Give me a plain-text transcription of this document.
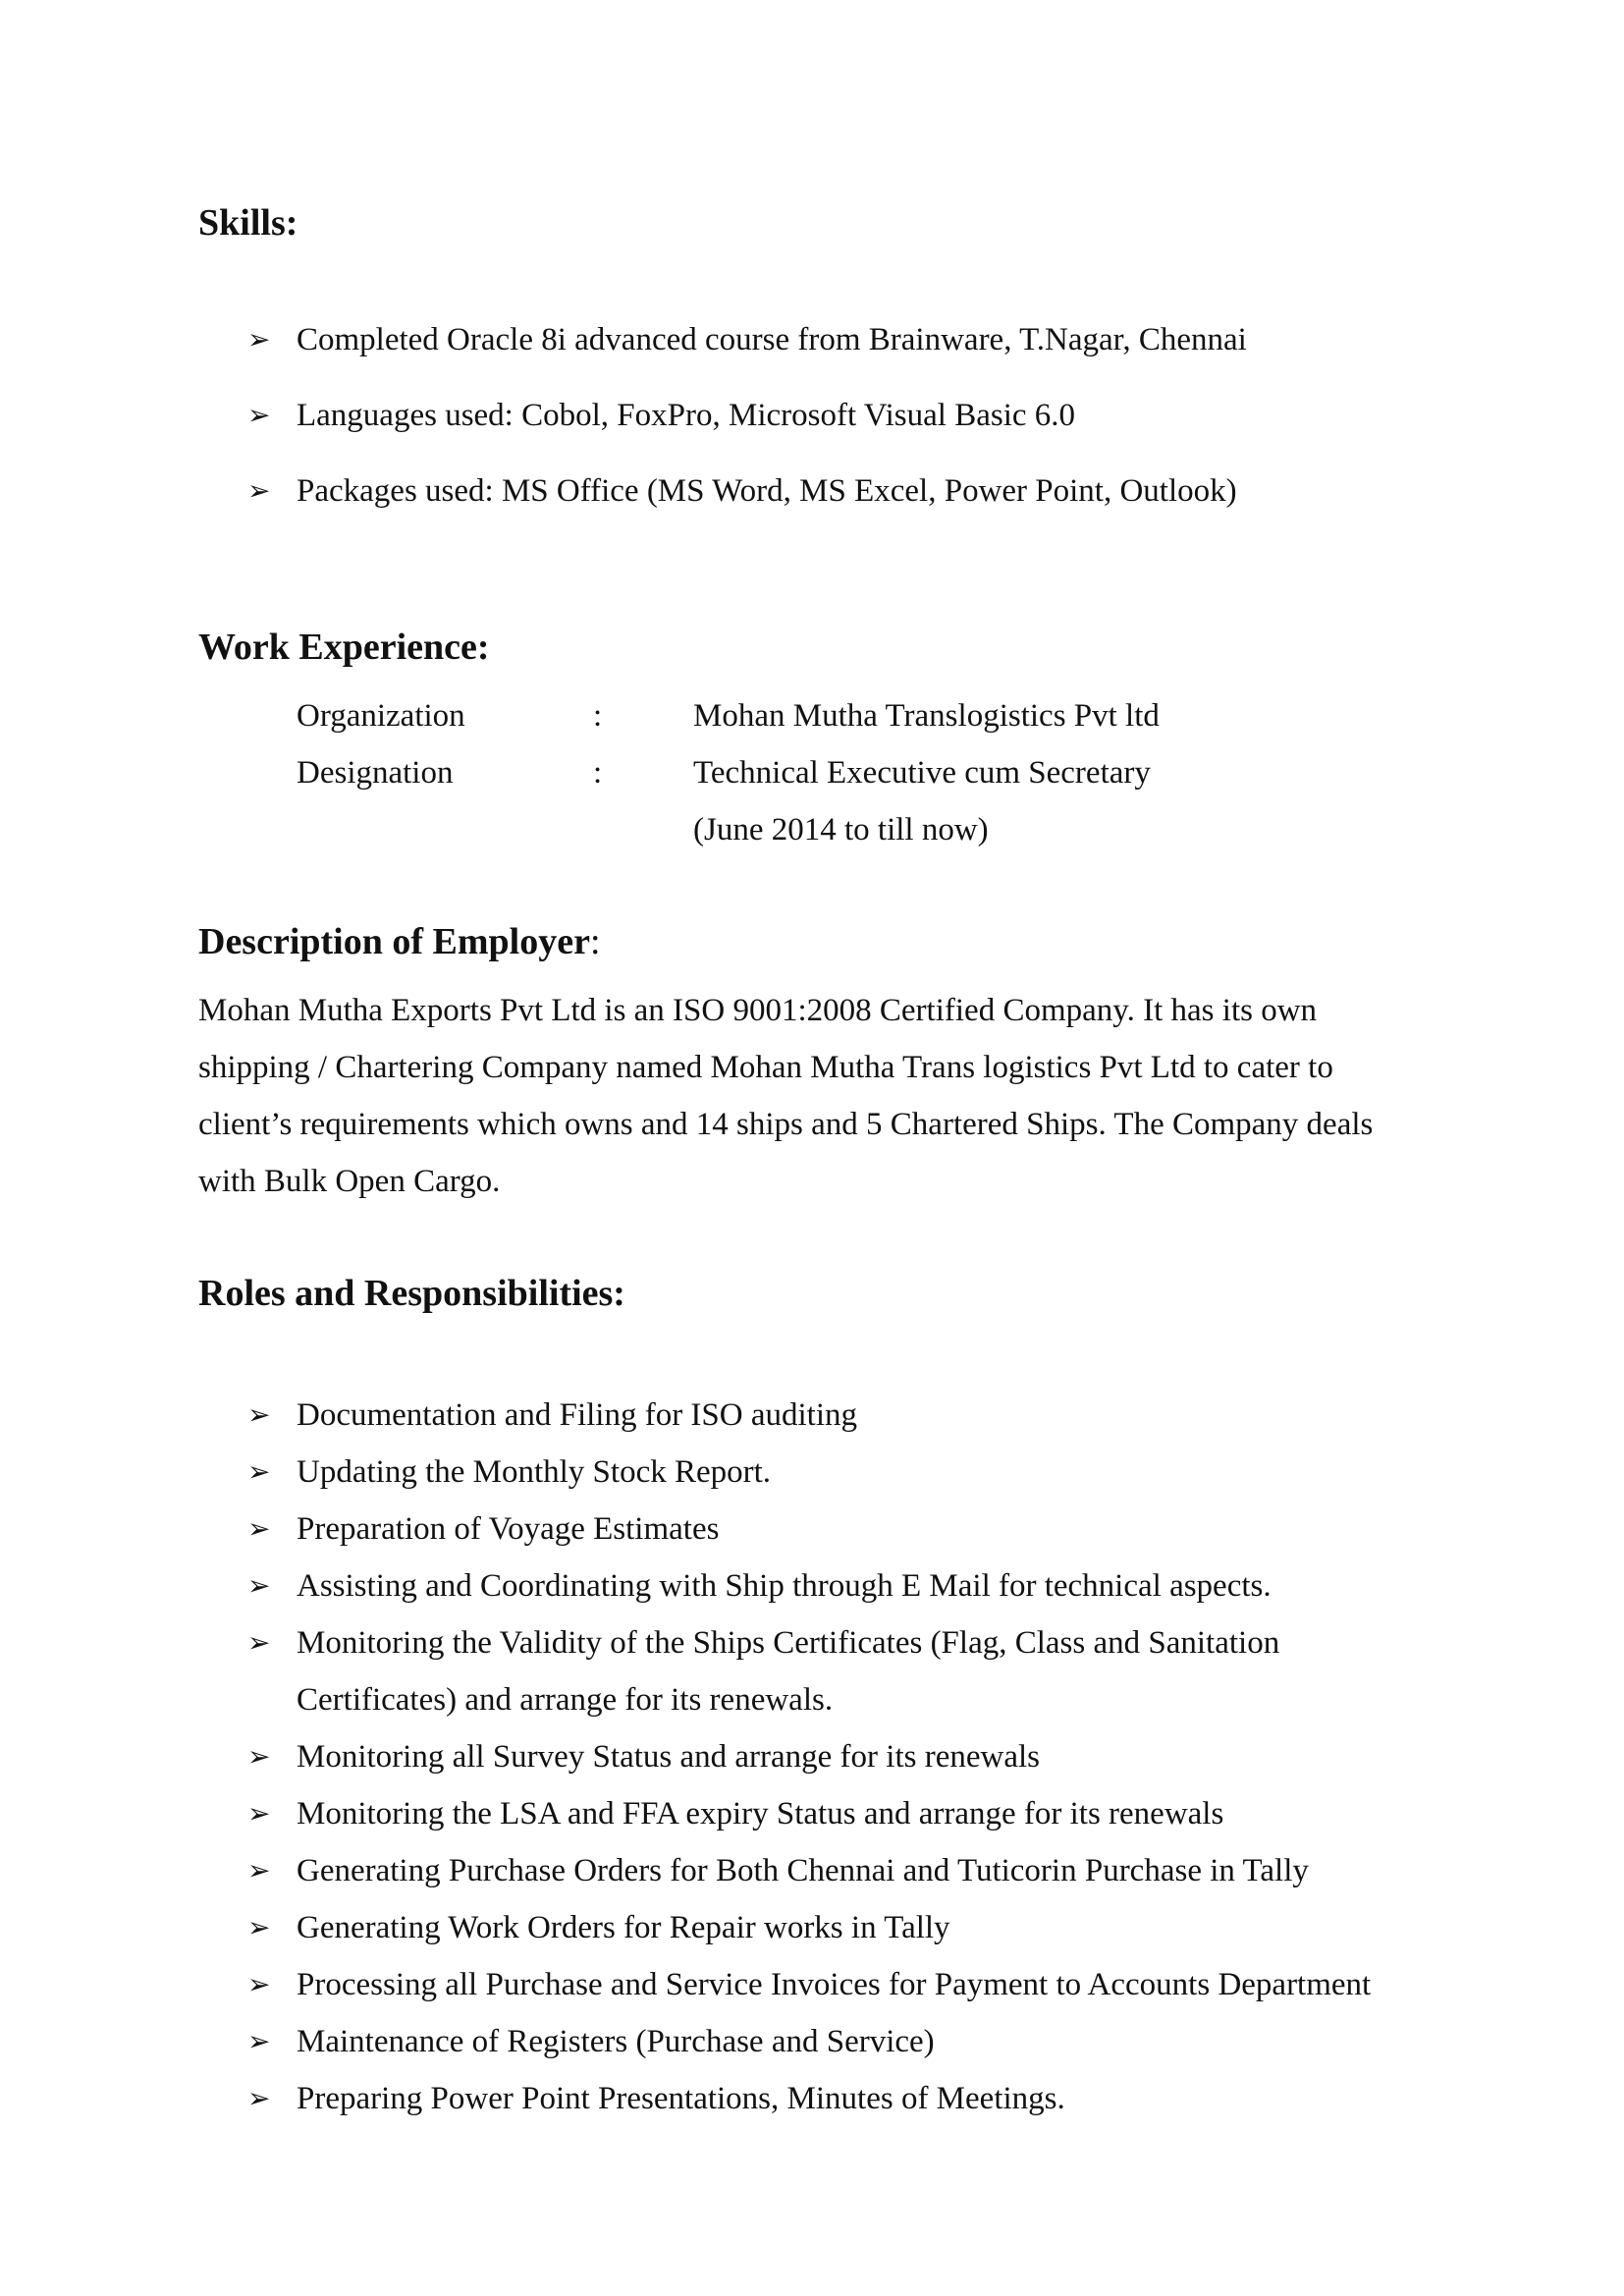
Skills:
➢ Completed Oracle 8i advanced course from Brainware, T.Nagar, Chennai
➢ Languages used: Cobol, FoxPro, Microsoft Visual Basic 6.0
➢ Packages used: MS Office (MS Word, MS Excel, Power Point, Outlook)
Work Experience:
Organization	:	Mohan Mutha Translogistics Pvt ltd
Designation	:	Technical Executive cum Secretary
(June 2014 to till now)
Description of Employer:

Mohan Mutha Exports Pvt Ltd is an ISO 9001:2008 Certified Company. It has its own shipping / Chartering Company named Mohan Mutha Trans logistics Pvt Ltd to cater to client’s requirements which owns and 14 ships and 5 Chartered Ships. The Company deals with Bulk Open Cargo.

Roles and Responsibilities:
➢ Documentation and Filing for ISO auditing
➢ Updating the Monthly Stock Report.
➢ Preparation of Voyage Estimates
➢ Assisting and Coordinating with Ship through E Mail for technical aspects.
➢ Monitoring the Validity of the Ships Certificates (Flag, Class and Sanitation
Certificates) and arrange for its renewals.
➢ Monitoring all Survey Status and arrange for its renewals
➢ Monitoring the LSA and FFA expiry Status and arrange for its renewals
➢ Generating Purchase Orders for Both Chennai and Tuticorin Purchase in Tally
➢ Generating Work Orders for Repair works in Tally
➢ Processing all Purchase and Service Invoices for Payment to Accounts Department
➢ Maintenance of Registers (Purchase and Service)
➢ Preparing Power Point Presentations, Minutes of Meetings.
